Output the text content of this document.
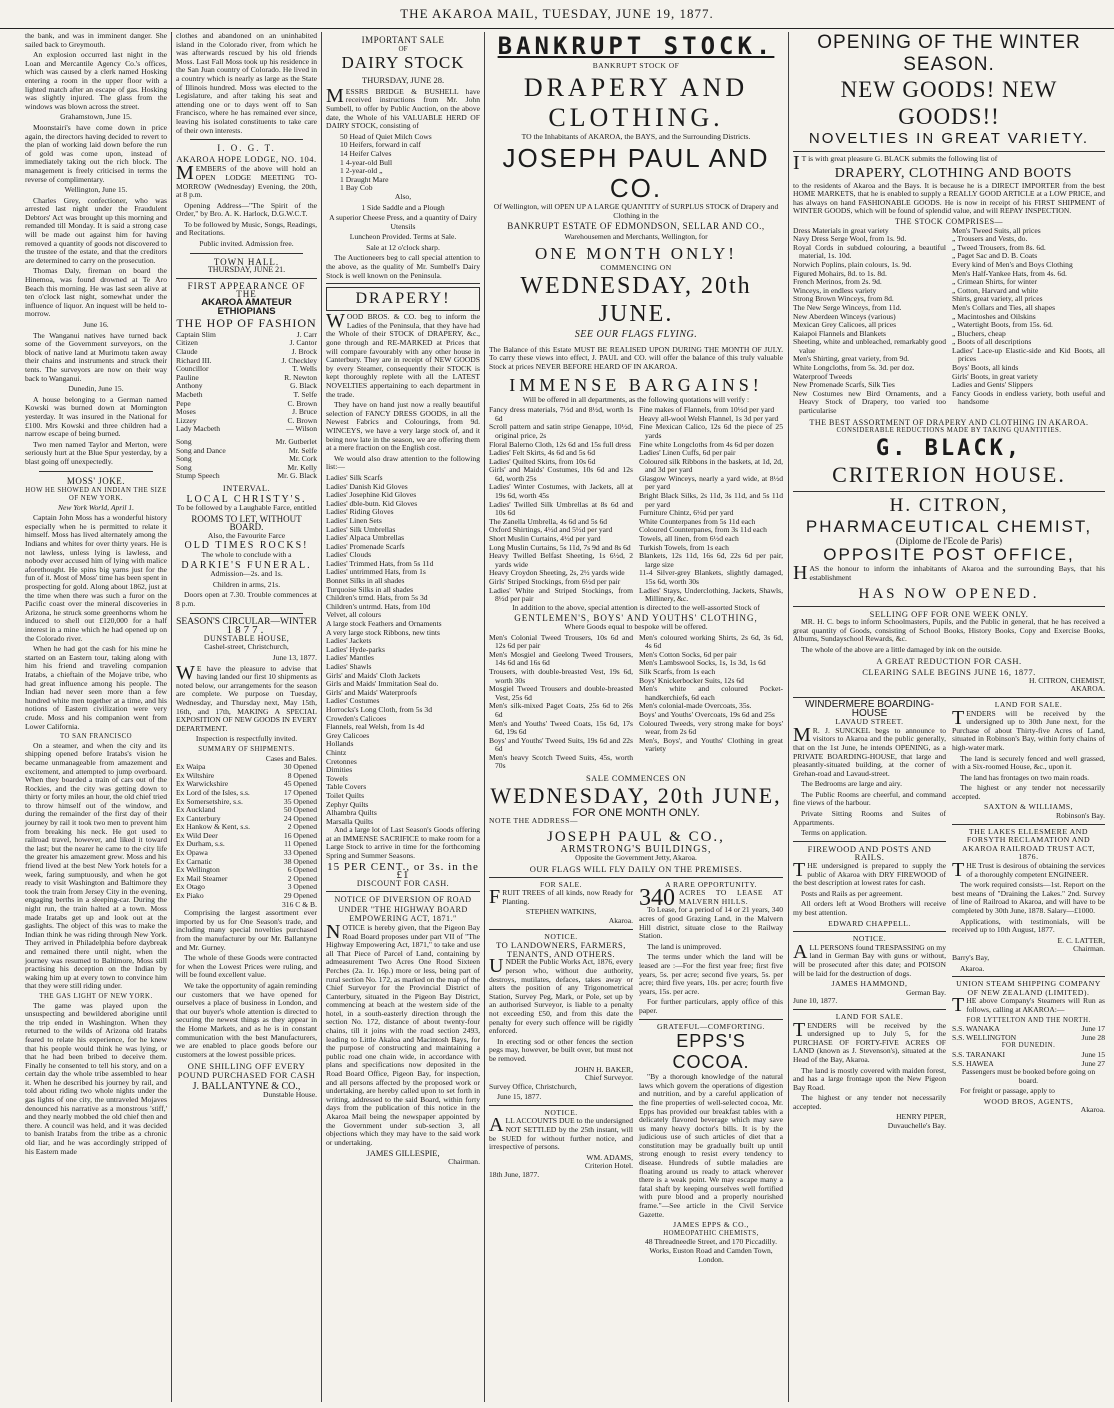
THE AKAROA MAIL, TUESDAY, JUNE 19, 1877.

the bank, and was in imminent danger. She sailed back to Greymouth.

An explosion occurred last night in the Loan and Mercantile Agency Co.'s offices, which was caused by a clerk named Hosking entering a room in the upper floor with a lighted match after an escape of gas. Hosking was slightly injured. The glass from the windows was blown across the street.

Grahamstown, June 15.

Moonstairi's have come down in price again, the directors having decided to revert to the plan of working laid down before the run of gold was come upon, instead of immediately taking out the rich block. The management is freely criticised in terms the reverse of complimentary.

Wellington, June 15.

Charles Grey, confectioner, who was arrested last night under the Fraudulent Debtors' Act was brought up this morning and remanded till Monday. It is said a strong case will be made out against him for having removed a quantity of goods not discovered to the trustee of the estate, and that the creditors are determined to carry on the prosecution.

Thomas Daly, fireman on board the Hinemoa, was found drowned at Te Aro Beach this morning. He was last seen alive at ten o'clock last night, somewhat under the influence of liquor. An inquest will be held to-morrow.

June 16.

The Wanganui natives have turned back some of the Government surveyors, on the block of native land at Murimotu taken away their chains and instruments and struck their tents. The surveyors are now on their way back to Wanganui.

Dunedin, June 15.

A house belonging to a German named Kowski was burned down at Mornington yesterday. It was insured in the National for £100. Mrs Kowski and three children had a narrow escape of being burned.

Two men named Taylor and Merton, were seriously hurt at the Blue Spur yesterday, by a blast going off unexpectedly.

MOSS' JOKE.
HOW HE SHOWED AN INDIAN THE SIZE OF NEW YORK.

New York World, April 1.

Captain John Moss has a wonderful history especially when he is permitted to relate it himself. Moss has lived alternately among the Indians and whites for over thirty years. He is not lawless, unless lying is lawless, and nobody ever accused him of lying with malice aforethought. He spins big yarns just for the fun of it. Most of Moss' time has been spent in prospecting for gold. Along about 1862, just at the time when there was such a furor on the Pacific coast over the mineral discoveries in Arizona, he struck some greenhorns whom he induced to shell out £120,000 for a half interest in a mine which he had opened up on the Colorado river.

When he had got the cash for his mine he started on an Eastern tour, taking along with him his friend and traveling companion Iratabs, a chieftain of the Mojave tribe, who had great influence among his people. The Indian had never seen more than a few hundred white men together at a time, and his notions of Eastern civilization were very crude. Moss and his companion went from Lower California.

TO SAN FRANCISCO

On a steamer, and when the city and its shipping opened before Iratabs's vision he became unmanageable from amazement and excitement, and attempted to jump overboard. When they boarded a train of cars out of the Rockies, and the city was getting down to thirty or forty miles an hour, the old chief tried to throw himself out of the window, and during the remainder of the first day of their journey by rail it took two men to prevent him from breaking his neck. He got used to railroad travel, however, and liked it toward the last; but the nearer he came to the city life the greater his amazement grew. Moss and his friend lived at the best New York hotels for a week, faring sumptuously, and when he got ready to visit Washington and Baltimore they took the train from Jersey City in the evening, engaging berths in a sleeping-car. During the night run, the train halted at a town. Moss made Iratabs get up and look out at the gaslights. The object of this was to make the Indian think he was riding through New York. They arrived in Philadelphia before daybreak and remained there until night, when the journey was resumed to Baltimore, Moss still practising his deception on the Indian by waking him up at every town to convince him that they were still riding under.

THE GAS LIGHT OF NEW YORK.

The game was played upon the unsuspecting and bewildered aborigine until the trip ended in Washington. When they returned to the wilds of Arizona old Iratabs feared to relate his experience, for he knew that his people would think he was lying, or that he had been bribed to deceive them. Finally he consented to tell his story, and on a certain day the whole tribe assembled to hear it. When he described his journey by rail, and told about riding two whole nights under the gas lights of one city, the untraveled Mojaves denounced his narrative as a monstrous 'stiff,' and they nearly mobbed the old chief then and there. A council was held, and it was decided to banish Iratabs from the tribe as a chronic old liar, and he was accordingly stripped of his Eastern made

clothes and abandoned on an uninhabited island in the Colorado river, from which he was afterwards rescued by his old friends Moss. Last Fall Moss took up his residence in the San Juan country of Colorado. He lived in a country which is nearly as large as the State of Illinois hundred. Moss was elected to the Legislature, and after taking his seat and attending one or to days went off to San Francisco, where he has remained ever since, leaving his isolated constituents to take care of their own interests.

I. O. G. T.
AKAROA HOPE LODGE, NO. 104.

MEMBERS of the above will hold an OPEN LODGE MEETING TO-MORROW (Wednesday) Evening, the 20th, at 8 p.m.

Opening Address—"The Spirit of the Order," by Bro. A. K. Harlock, D.G.W.C.T.

To be followed by Music, Songs, Readings, and Recitations.

Public invited. Admission free.

TOWN HALL.
THURSDAY, JUNE 21.
FIRST APPEARANCE OF THE
AKAROA AMATEUR ETHIOPIANS
THE HOP OF FASHION
Captain Slim	J. Carr
Citizen	J. Cantor
Claude	J. Brock
Richard III.	J. Checkley
Councillor	T. Wells
Pauline	R. Newton
Anthony	G. Black
Macbeth	T. Selfe
Pepe	C. Brown
Moses	J. Bruce
Lizzey	C. Brown
Lady Macbeth	— Wilson
Song	Mr. Gutberlet
Song and Dance	Mr. Selfe
Song	Mr. Cork
Song	Mr. Kelly
Stump Speech	Mr. G. Black
INTERVAL.
LOCAL CHRISTY'S.

To be followed by a Laughable Farce, entitled

ROOMS TO LET, WITHOUT BOARD.

Also, the Favourite Farce

OLD TIMES ROCKS!

The whole to conclude with a

DARKIE'S FUNERAL.

Admission—2s. and 1s.

Children in arms, 21s.

Doors open at 7.30. Trouble commences at 8 p.m.

SEASON'S CIRCULAR—WINTER
1877.
DUNSTABLE HOUSE,

Cashel-street, Christchurch,

June 13, 1877.

WE have the pleasure to advise that having landed our first 10 shipments as noted below, our arrangements for the season are complete. We purpose on Tuesday, Wednesday, and Thursday next, May 15th, 16th, and 17th, MAKING A SPECIAL EXPOSITION OF NEW GOODS IN EVERY DEPARTMENT.

Inspection is respectfully invited.

SUMMARY OF SHIPMENTS.
Cases and Bales.
Ex Waipa	30 Opened
Ex Wiltshire	8 Opened
Ex Warwickshire	45 Opened
Ex Lord of the Isles, s.s.	17 Opened
Ex Somersetshire, s.s.	35 Opened
Ex Auckland	50 Opened
Ex Canterbury	24 Opened
Ex Hankow & Kent, s.s.	2 Opened
Ex Wild Deer	16 Opened
Ex Durham, s.s.	11 Opened
Ex Opawa	33 Opened
Ex Carnatic	38 Opened
Ex Wellington	6 Opened
Ex Mail Steamer	2 Opened
Ex Otago	3 Opened
Ex Piako	29 Opened
316 C & B.

Comprising the largest assortment ever imported by us for One Season's trade, and including many special novelties purchased from the manufacturer by our Mr. Ballantyne and Mr. Gurney.

The whole of these Goods were contracted for when the Lowest Prices were ruling, and will be found excellent value.

We take the opportunity of again reminding our customers that we have opened for ourselves a place of business in London, and that our buyer's whole attention is directed to securing the newest things as they appear in the Home Markets, and as he is in constant communication with the best Manufacturers, we are enabled to place goods before our customers at the lowest possible prices.

ONE SHILLING OFF EVERY POUND PURCHASED FOR CASH
J. BALLANTYNE & CO.,
Dunstable House.
IMPORTANT SALE
OF
DAIRY STOCK
THURSDAY, JUNE 28.

MESSRS BRIDGE & BUSHELL have received instructions from Mr. John Sumbell, to offer by Public Auction, on the above date, the Whole of his VALUABLE HERD OF DAIRY STOCK, consisting of

50 Head of Quiet Milch Cows
10 Heifers, forward in calf
14 Heifer Calves
1 4-year-old Bull
1 2-year-old „
1 Draught Mare
1 Bay Cob

Also,

1 Side Saddle and a Plough

A superior Cheese Press, and a quantity of Dairy Utensils

Luncheon Provided. Terms at Sale.

Sale at 12 o'clock sharp.

The Auctioneers beg to call special attention to the above, as the quality of Mr. Sumbell's Dairy Stock is well known on the Peninsula.

DRAPERY!

WOOD BROS. & CO. beg to inform the Ladies of the Peninsula, that they have had the Whole of their STOCK of DRAPERY, &c., gone through and RE-MARKED at Prices that will compare favourably with any other house in Canterbury. They are in receipt of NEW GOODS by every Steamer, consequently their STOCK is kept thoroughly replete with all the LATEST NOVELTIES appertaining to each department in the trade.

They have on hand just now a really beautiful selection of FANCY DRESS GOODS, in all the Newest Fabrics and Colourings, from 9d. WINCEYS, we have a very large stock of, and it being now late in the season, we are offering them at a mere fraction on the English cost.

We would also draw attention to the following list:—

Ladies' Silk Scarfs
Ladies' Danish Kid Gloves
Ladies' Josephine Kid Gloves
Ladies' dble-butn. Kid Gloves
Ladies' Riding Gloves
Ladies' Linen Sets
Ladies' Silk Umbrellas
Ladies' Alpaca Umbrellas
Ladies' Promenade Scarfs
Ladies' Clouds
Ladies' Trimmed Hats, from 5s 11d
Ladies' untrimmed Hats, from 1s
Bonnet Silks in all shades
Turquoise Silks in all shades
Children's trmd. Hats, from 5s 3d
Children's untrmd. Hats, from 10d
Velvet, all colours
A large stock Feathers and Ornaments
A very large stock Ribbons, new tints
Ladies' Jackets
Ladies' Hyde-parks
Ladies' Mantles
Ladies' Shawls
Girls' and Maids' Cloth Jackets
Girls and Maids' Immitation Seal do.
Girls' and Maids' Waterproofs
Ladies' Costumes
Horrocks's Long Cloth, from 5s 3d
Crowden's Calicoes
Flannels, real Welsh, from 1s 4d
Grey Calicoes
Hollands
Chintz
Cretonnes
Dimities
Towels
Table Covers
Toilet Quilts
Zephyr Quilts
Alhambra Quilts
Marsalla Quilts

And a large lot of Last Season's Goods offering at an IMMENSE SACRIFICE to make room for a Large Stock to arrive in time for the forthcoming Spring and Summer Seasons.

15 PER CENT., or 3s. in the £1
DISCOUNT FOR CASH.
NOTICE OF DIVERSION OF ROAD UNDER "THE HIGHWAY BOARD EMPOWERING ACT, 1871."

NOTICE is hereby given, that the Pigeon Bay Road Board proposes under part VII of "The Highway Empowering Act, 1871," to take and use all That Piece of Parcel of Land, containing by admeasurement Two Acres One Rood Sixteen Perches (2a. 1r. 16p.) more or less, being part of rural section No. 172, as marked on the map of the Chief Surveyor for the Provincial District of Canterbury, situated in the Pigeon Bay District, commencing at beach at the western side of the hotel, in a south-easterly direction through the section No. 172, distance of about twenty-four chains, till it joins with the road section 2493, leading to Little Akaloa and Macintosh Bays, for the purpose of constructing and maintaining a public road one chain wide, in accordance with plans and specifications now deposited in the Road Board Office, Pigeon Bay, for inspection, and all persons affected by the proposed work or undertaking, are hereby called upon to set forth in writing, addressed to the said Board, within forty days from the publication of this notice in the Akaroa Mail being the newspaper appointed by the Government under sub-section 3, all objections which they may have to the said work or undertaking.

JAMES GILLESPIE,
Chairman.
BANKRUPT STOCK.
BANKRUPT STOCK OF
DRAPERY AND CLOTHING.

TO the Inhabitants of AKAROA, the BAYS, and the Surrounding Districts.

JOSEPH PAUL AND CO.

Of Wellington, will OPEN UP A LARGE QUANTITY of SURPLUS STOCK of Drapery and Clothing in the

BANKRUPT ESTATE OF EDMONDSON, SELLAR AND CO.,

Warehousemen and Merchants, Wellington, for

ONE MONTH ONLY!
COMMENCING ON
WEDNESDAY, 20th JUNE.
SEE OUR FLAGS FLYING.

The Balance of this Estate MUST BE REALISED UPON DURING THE MONTH OF JULY. To carry these views into effect, J. PAUL and CO. will offer the balance of this truly valuable Stock at prices NEVER BEFORE HEARD OF IN AKAROA.

IMMENSE BARGAINS!

Will be offered in all departments, as the following quotations will verify :

Fancy dress materials, 7½d and 8½d, worth 1s 6d
Scroll pattern and satin stripe Genappe, 10½d, original price, 2s
Floral Balerno Cloth, 12s 6d and 15s full dress
Ladies' Felt Skirts, 4s 6d and 5s 6d
Ladies' Quilted Skirts, from 10s 6d
Girls' and Maids' Costumes, 10s 6d and 12s 6d, worth 25s
Ladies' Winter Costumes, with Jackets, all at 19s 6d, worth 45s
Ladies' Twilled Silk Umbrellas at 8s 6d and 10s 6d
The Zanella Umbrella, 4s 6d and 5s 6d
Oxford Shirtings, 4½d and 5½d per yard
Short Muslin Curtains, 4½d per yard
Long Muslin Curtains, 5s 11d, 7s 9d and 8s 6d
Heavy Twilled Belfast Sheeting, 1s 6½d, 2 yards wide
Heavy Croydon Sheeting, 2s, 2½ yards wide
Girls' Striped Stockings, from 6½d per pair
Ladies' White and Striped Stockings, from 8½d per pair
Fine makes of Flannels, from 10½d per yard
Heavy all-wool Welsh Flannel, 1s 3d per yard
Fine Mexican Calico, 12s 6d the piece of 25 yards
Fine white Longcloths from 4s 6d per dozen
Ladies' Linen Cuffs, 6d per pair
Coloured silk Ribbons in the baskets, at 1d, 2d, and 3d per yard
Glasgow Winceys, nearly a yard wide, at 8½d per yard
Bright Black Silks, 2s 11d, 3s 11d, and 5s 11d per yard
Furniture Chintz, 6½d per yard
White Counterpanes from 5s 11d each
Coloured Counterpanes, from 3s 11d each
Towels, all linen, from 6½d each
Turkish Towels, from 1s each
Blankets, 12s 11d, 16s 6d, 22s 6d per pair, large size
11-4 Silver-grey Blankets, slightly damaged, 15s 6d, worth 30s
Ladies' Stays, Underclothing, Jackets, Shawls, Millinery, &c.

In addition to the above, special attention is directed to the well-assorted Stock of

GENTLEMEN'S, BOYS' AND YOUTHS' CLOTHING,

Where Goods equal to bespoke will be offered.

Men's Colonial Tweed Trousers, 10s 6d and 12s 6d per pair
Men's Mosgiel and Geelong Tweed Trousers, 14s 6d and 16s 6d
Trousers, with double-breasted Vest, 19s 6d, worth 30s
Mosgiel Tweed Trousers and double-breasted Vest, 25s 6d
Men's silk-mixed Paget Coats, 25s 6d to 26s 6d
Men's and Youths' Tweed Coats, 15s 6d, 17s 6d, 19s 6d
Boys' and Youths' Tweed Suits, 19s 6d and 22s 6d
Men's heavy Scotch Tweed Suits, 45s, worth 70s
Men's coloured working Shirts, 2s 6d, 3s 6d, 4s 6d
Men's Cotton Socks, 6d per pair
Men's Lambswool Socks, 1s, 1s 3d, 1s 6d
Silk Scarfs, from 1s each
Boys' Knickerbocker Suits, 12s 6d
Men's white and coloured Pocket-handkerchiefs, 6d each
Men's colonial-made Overcoats, 35s.
Boys' and Youths' Overcoats, 19s 6d and 25s
Coloured Tweeds, very strong make for boys' wear, from 2s 6d
Men's, Boys', and Youths' Clothing in great variety
SALE COMMENCES ON
WEDNESDAY, 20th JUNE,
FOR ONE MONTH ONLY.

NOTE THE ADDRESS—

JOSEPH PAUL & CO.,
ARMSTRONG'S BUILDINGS,

Opposite the Government Jetty, Akaroa.

OUR FLAGS WILL FLY DAILY ON THE PREMISES.
FOR SALE.

FRUIT TREES of all kinds, now Ready for Planting.

STEPHEN WATKINS,
Akaroa.
NOTICE.
TO LANDOWNERS, FARMERS, TENANTS, AND OTHERS.

UNDER the Public Works Act, 1876, every person who, without due authority, destroys, mutilates, defaces, takes away or alters the position of any Trigonometrical Station, Survey Peg, Mark, or Pole, set up by an authorised Surveyor, is liable to a penalty not exceeding £50, and from this date the penalty for every such offence will be rigidly enforced.

In erecting sod or other fences the section pegs may, however, be built over, but must not be removed.

JOHN H. BAKER,
Chief Surveyor.

Survey Office, Christchurch,

June 15, 1877.

NOTICE.

ALL ACCOUNTS DUE to the undersigned NOT SETTLED by the 25th instant, will be SUED for without further notice, and irrespective of persons.

WM. ADAMS,
Criterion Hotel.

18th June, 1877.

A RARE OPPORTUNITY.
340 ACRES TO LEASE AT MALVERN HILLS.

To Lease, for a period of 14 or 21 years, 340 acres of good Grazing Land, in the Malvern Hill district, situate close to the Railway Station.

The land is unimproved.

The terms under which the land will be leased are :—For the first year free; first five years, 5s. per acre; second five years, 5s. per acre; third five years, 10s. per acre; fourth five years, 15s. per acre.

For further particulars, apply office of this paper.

GRATEFUL—COMFORTING.
EPPS'S COCOA.

"By a thorough knowledge of the natural laws which govern the operations of digestion and nutrition, and by a careful application of the fine properties of well-selected cocoa, Mr. Epps has provided our breakfast tables with a delicately flavored beverage which may save us many heavy doctor's bills. It is by the judicious use of such articles of diet that a constitution may be gradually built up until strong enough to resist every tendency to disease. Hundreds of subtle maladies are floating around us ready to attack wherever there is a weak point. We may escape many a fatal shaft by keeping ourselves well fortified with pure blood and a properly nourished frame."—See article in the Civil Service Gazette.

JAMES EPPS & CO.,
HOMEOPATHIC CHEMISTS,
48 Threadneedle Street, and 170 Piccadilly.
Works, Euston Road and Camden Town, London.
OPENING OF THE WINTER SEASON.
NEW GOODS! NEW GOODS!!
NOVELTIES IN GREAT VARIETY.

IT is with great pleasure G. BLACK submits the following list of

DRAPERY, CLOTHING AND BOOTS

to the residents of Akaroa and the Bays. It is because he is a DIRECT IMPORTER from the best HOME MARKETS, that he is enabled to supply a REALLY GOOD ARTICLE at a LOW PRICE, and has always on hand FASHIONABLE GOODS. He is now in receipt of his FIRST SHIPMENT of WINTER GOODS, which will be found of splendid value, and will REPAY INSPECTION.

THE STOCK COMPRISES—
Dress Materials in great variety
Navy Dress Serge Wool, from 1s. 9d.
Royal Cords in subdued colouring, a beautiful material, 1s. 10d.
Norwich Poplins, plain colours, 1s. 9d.
Figured Mohairs, 8d. to 1s. 8d.
French Merinos, from 2s. 9d.
Winceys, in endless variety
Strong Brown Winceys, from 8d.
The New Serge Winceys, from 11d.
New Aberdeen Winceys (various)
Mexican Grey Calicoes, all prices
Kaiapoi Flannels and Blankets
Sheeting, white and unbleached, remarkably good value
Men's Shirting, great variety, from 9d.
White Longcloths, from 5s. 3d. per doz.
Waterproof Tweeds
New Promenade Scarfs, Silk Ties
New Costumes new Bird Ornaments, and a Heavy Stock of Drapery, too varied too particularise
Men's Tweed Suits, all prices
„ Trousers and Vests, do.
„ Tweed Trousers, from 8s. 6d.
„ Paget Sac and D. B. Coats
Every kind of Men's and Boys Clothing
Men's Half-Yankee Hats, from 4s. 6d.
„ Crimean Shirts, for winter
„ Cotton, Harvard and white
Shirts, great variety, all prices
Men's Collars and Ties, all shapes
„ Macintoshes and Oilskins
„ Watertight Boots, from 15s. 6d.
„ Bluchers, cheap
„ Boots of all descriptions
Ladies' Lace-up Elastic-side and Kid Boots, all prices
Boys' Boots, all kinds
Girls' Boots, in great variety
Ladies and Gents' Slippers
Fancy Goods in endless variety, both useful and handsome
THE BEST ASSORTMENT OF DRAPERY AND CLOTHING IN AKAROA.
CONSIDERABLE REDUCTIONS MADE BY TAKING QUANTITIES.
G. BLACK,
CRITERION HOUSE.
H. CITRON,
PHARMACEUTICAL CHEMIST,
(Diplome de l'Ecole de Paris)
OPPOSITE POST OFFICE,

HAS the honour to inform the inhabitants of Akaroa and the surrounding Bays, that his establishment

HAS NOW OPENED.
SELLING OFF FOR ONE WEEK ONLY.

MR. H. C. begs to inform Schoolmasters, Pupils, and the Public in general, that he has received a great quantity of Goods, consisting of School Books, History Books, Copy and Exercise Books, Albums, Sundayschool Rewards, &c.

The whole of the above are a little damaged by ink on the outside.

A GREAT REDUCTION FOR CASH.
CLEARING SALE BEGINS JUNE 16, 1877.
H. CITRON, CHEMIST,
AKAROA.
WINDERMERE BOARDING-HOUSE
LAVAUD STREET.

MR. J. SUNCKEL begs to announce to visitors to Akaroa and the public generally, that on the 1st June, he intends OPENING, as a PRIVATE BOARDING-HOUSE, that large and pleasantly-situated building, at the corner of Grehan-road and Lavaud-street.

The Bedrooms are large and airy.

The Public Rooms are cheerful, and command fine views of the harbour.

Private Sitting Rooms and Suites of Appartments.

Terms on application.

FIREWOOD AND POSTS AND RAILS.

THE undersigned is prepared to supply the public of Akaroa with DRY FIREWOOD of the best description at lowest rates for cash.

Posts and Rails as per agreement.

All orders left at Wood Brothers will receive my best attention.

EDWARD CHAPPELL.
NOTICE.

ALL PERSONS found TRESPASSING on my land in German Bay with guns or without, will be prosecuted after this date; and POISON will be laid for the destruction of dogs.

JAMES HAMMOND,
German Bay.

June 10, 1877.

LAND FOR SALE.

TENDERS will be received by the undersigned up to July 5, for the PURCHASE OF FORTY-FIVE ACRES OF LAND (known as J. Stevenson's), situated at the Head of the Bay, Akaroa.

The land is mostly covered with maiden forest, and has a large frontage upon the New Pigeon Bay Road.

The highest or any tender not necessarily accepted.

HENRY PIPER,
Duvauchelle's Bay.
LAND FOR SALE.

TENDERS will be received by the undersigned up to 30th June next, for the Purchase of about Thirty-five Acres of Land, situated in Robinson's Bay, within forty chains of high-water mark.

The land is securely fenced and well grassed, with a Six-roomed House, &c., upon it.

The land has frontages on two main roads.

The highest or any tender not necessarily accepted.

SAXTON & WILLIAMS,
Robinson's Bay.
THE LAKES ELLESMERE AND FORSYTH RECLAMATION AND AKAROA RAILROAD TRUST ACT, 1876.

THE Trust is desirous of obtaining the services of a thoroughly competent ENGINEER.

The work required consists—1st. Report on the best means of "Draining the Lakes." 2nd. Survey of line of Railroad to Akaroa, and will have to be completed by 30th June, 1878. Salary—£1000.

Applications, with testimonials, will be received up to 10th August, 1877.

E. C. LATTER,
Chairman.

Barry's Bay,

Akaroa.

UNION STEAM SHIPPING COMPANY OF NEW ZEALAND (LIMITED).

THE above Company's Steamers will Run as follows, calling at AKAROA:—

FOR LYTTELTON AND THE NORTH.
S.S. WANAKA	June 17
S.S. WELLINGTON	June 28
FOR DUNEDIN.
S.S. TARANAKI	June 15
S.S. HAWEA	June 27

Passengers must be booked before going on board.

For freight or passage, apply to

WOOD BROS, AGENTS,
Akaroa.
